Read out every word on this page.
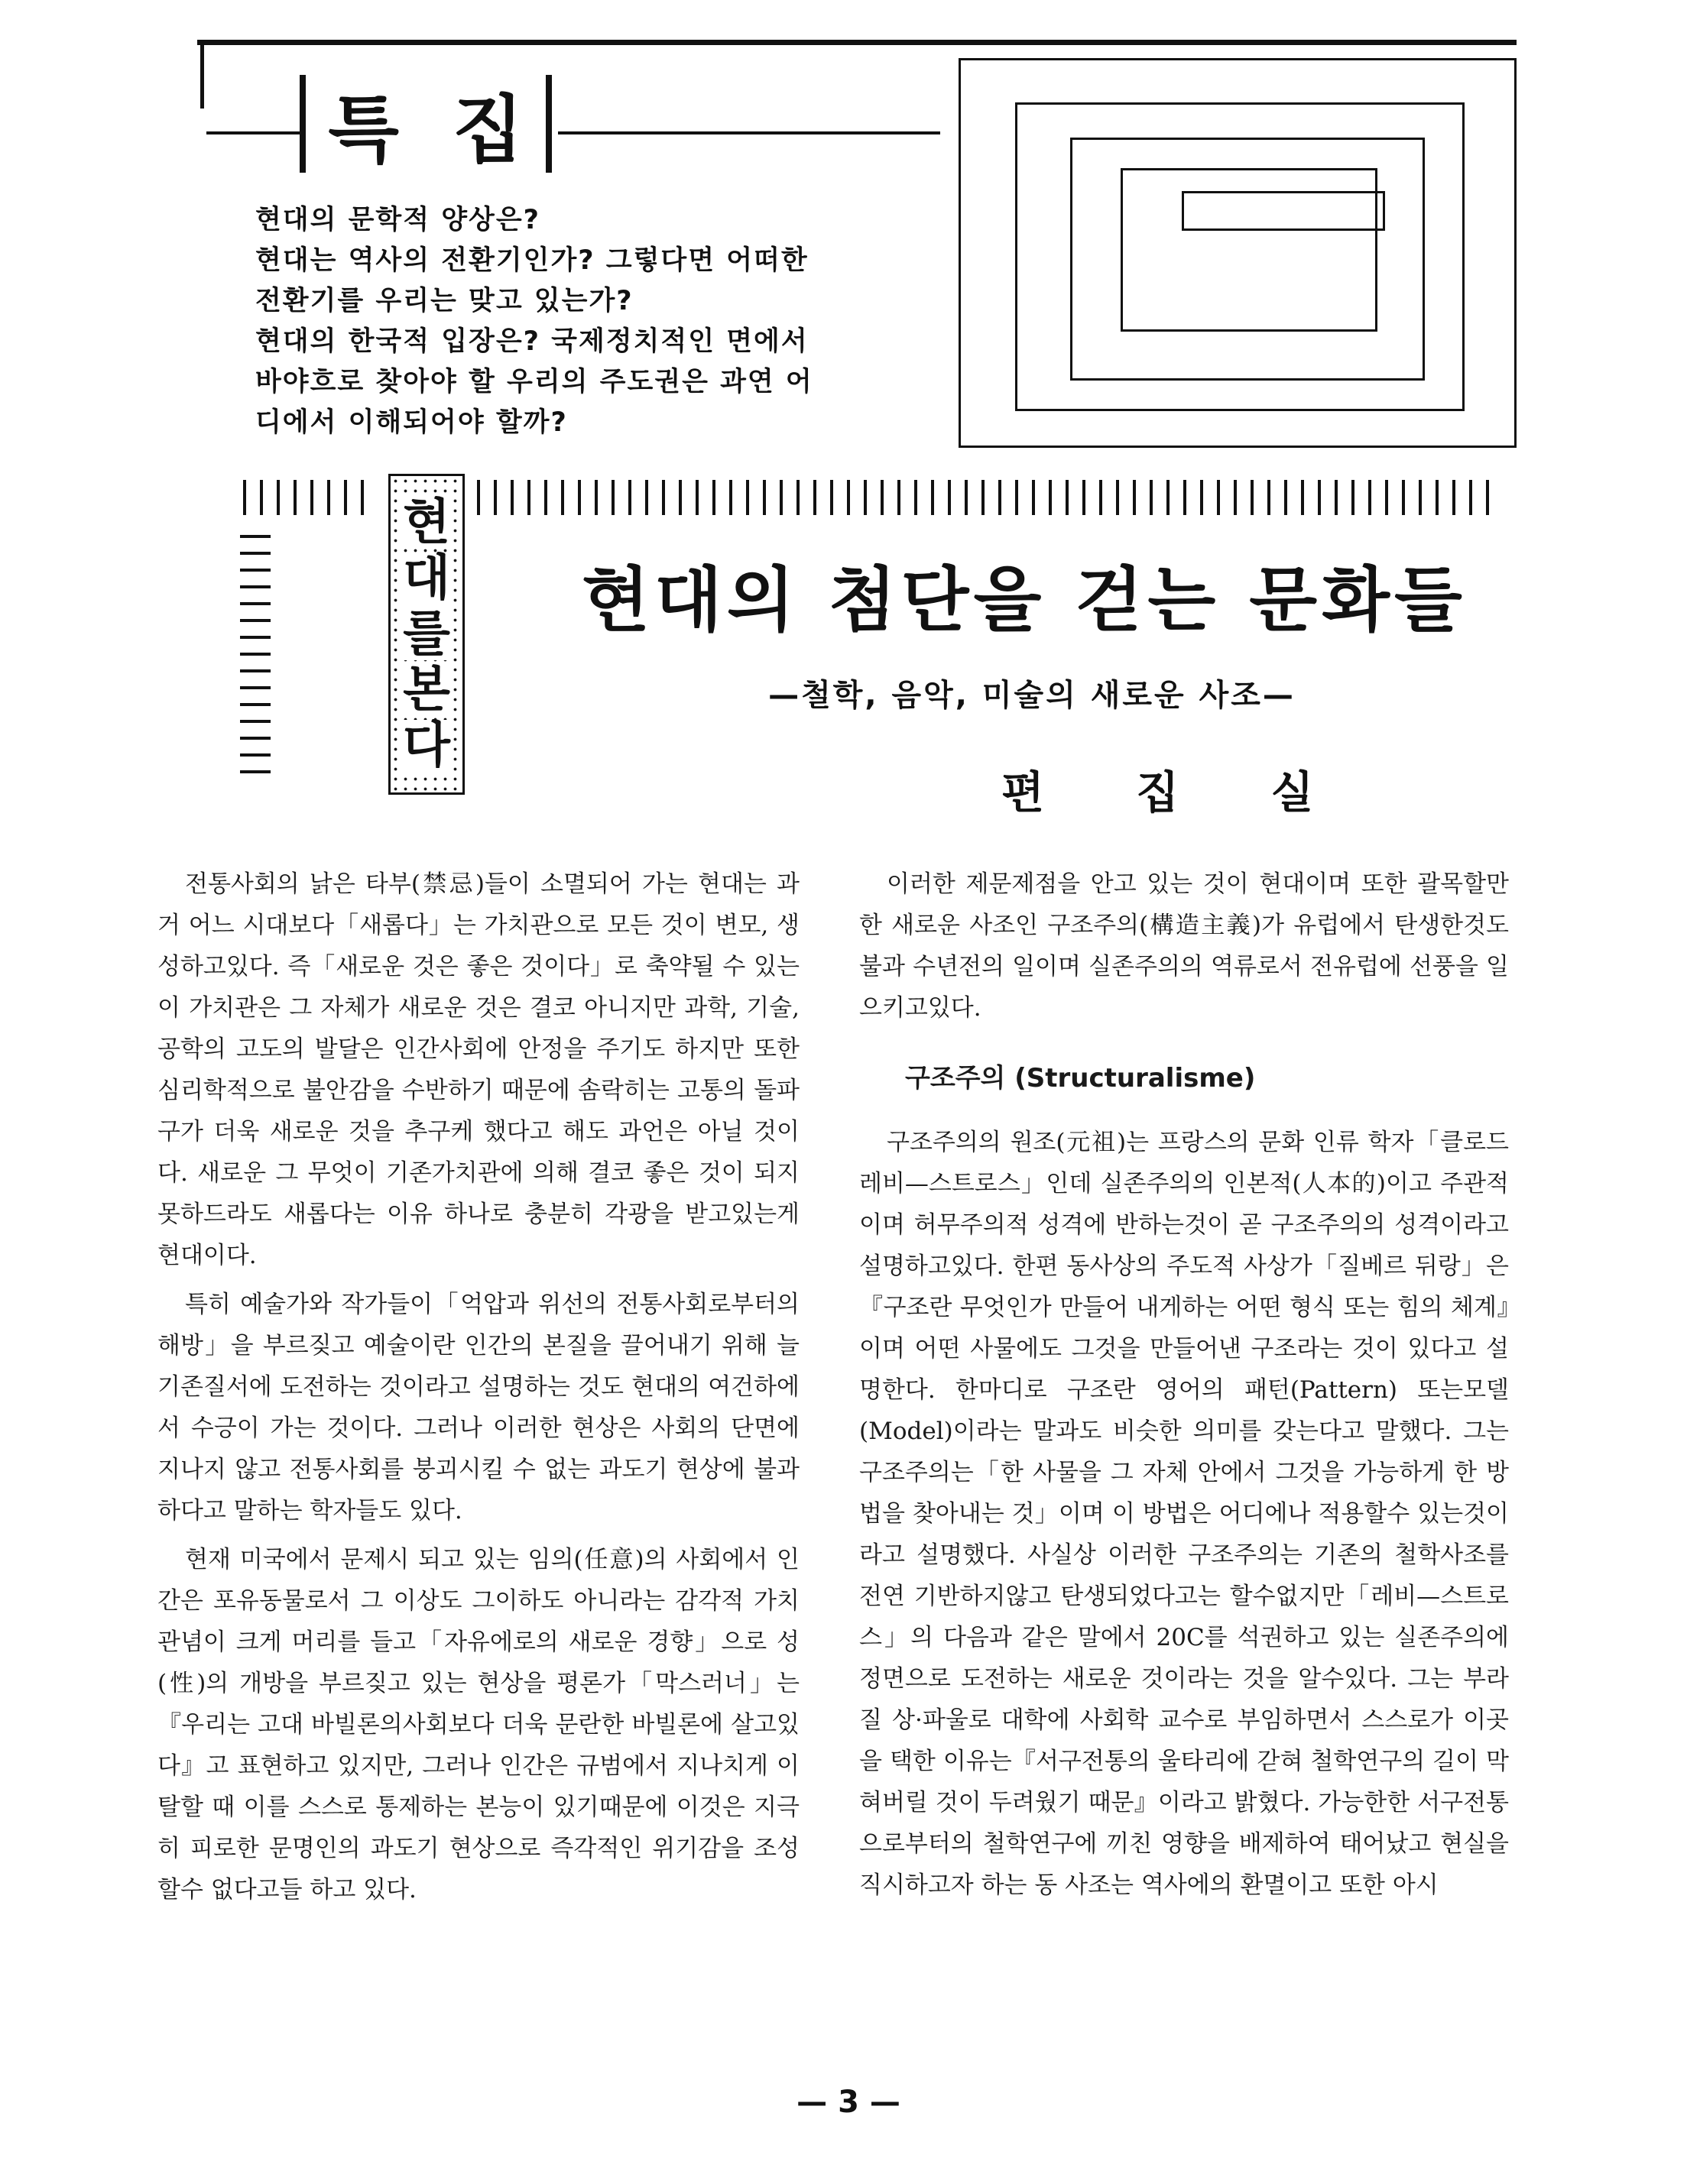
특집
현대의 문학적 양상은?
현대는 역사의 전환기인가? 그렇다면 어떠한
전환기를 우리는 맞고 있는가?
현대의 한국적 입장은? 국제정치적인 면에서
바야흐로 찾아야 할 우리의 주도권은 과연 어
디에서 이해되어야 할까?
현
대
를
본
다
현대의 첨단을 걷는 문화들
—철학, 음악, 미술의 새로운 사조—
편 집 실

전통사회의 낡은 타부(禁忌)들이 소멸되어 가는 현대는 과거 어느 시대보다「새롭다」는 가치관으로 모든 것이 변모, 생성하고있다. 즉「새로운 것은 좋은 것이다」로 축약될 수 있는 이 가치관은 그 자체가 새로운 것은 결코 아니지만 과학, 기술, 공학의 고도의 발달은 인간사회에 안정을 주기도 하지만 또한 심리학적으로 불안감을 수반하기 때문에 솜락히는 고통의 돌파구가 더욱 새로운 것을 추구케 했다고 해도 과언은 아닐 것이다. 새로운 그 무엇이 기존가치관에 의해 결코 좋은 것이 되지 못하드라도 새롭다는 이유 하나로 충분히 각광을 받고있는게 현대이다.

특히 예술가와 작가들이「억압과 위선의 전통사회로부터의 해방」을 부르짖고 예술이란 인간의 본질을 끌어내기 위해 늘 기존질서에 도전하는 것이라고 설명하는 것도 현대의 여건하에서 수긍이 가는 것이다. 그러나 이러한 현상은 사회의 단면에 지나지 않고 전통사회를 붕괴시킬 수 없는 과도기 현상에 불과하다고 말하는 학자들도 있다.

현재 미국에서 문제시 되고 있는 임의(任意)의 사회에서 인간은 포유동물로서 그 이상도 그이하도 아니라는 감각적 가치관념이 크게 머리를 들고「자유에로의 새로운 경향」으로 성(性)의 개방을 부르짖고 있는 현상을 평론가「막스러너」는『우리는 고대 바빌론의사회보다 더욱 문란한 바빌론에 살고있다』고 표현하고 있지만, 그러나 인간은 규범에서 지나치게 이탈할 때 이를 스스로 통제하는 본능이 있기때문에 이것은 지극히 피로한 문명인의 과도기 현상으로 즉각적인 위기감을 조성할수 없다고들 하고 있다.

이러한 제문제점을 안고 있는 것이 현대이며 또한 괄목할만한 새로운 사조인 구조주의(構造主義)가 유럽에서 탄생한것도 불과 수년전의 일이며 실존주의의 역류로서 전유럽에 선풍을 일으키고있다.

구조주의 (Structuralisme)

구조주의의 원조(元祖)는 프랑스의 문화 인류 학자「클로드 레비—스트로스」인데 실존주의의 인본적(人本的)이고 주관적이며 허무주의적 성격에 반하는것이 곧 구조주의의 성격이라고 설명하고있다. 한편 동사상의 주도적 사상가「질베르 뒤랑」은『구조란 무엇인가 만들어 내게하는 어떤 형식 또는 힘의 체계』이며 어떤 사물에도 그것을 만들어낸 구조라는 것이 있다고 설명한다. 한마디로 구조란 영어의 패턴(Pattern) 또는모델(Model)이라는 말과도 비슷한 의미를 갖는다고 말했다. 그는 구조주의는「한 사물을 그 자체 안에서 그것을 가능하게 한 방법을 찾아내는 것」이며 이 방법은 어디에나 적용할수 있는것이라고 설명했다. 사실상 이러한 구조주의는 기존의 철학사조를 전연 기반하지않고 탄생되었다고는 할수없지만「레비—스트로스」의 다음과 같은 말에서 20C를 석권하고 있는 실존주의에 정면으로 도전하는 새로운 것이라는 것을 알수있다. 그는 부라질 상·파울로 대학에 사회학 교수로 부임하면서 스스로가 이곳을 택한 이유는『서구전통의 울타리에 갇혀 철학연구의 길이 막혀버릴 것이 두려웠기 때문』이라고 밝혔다. 가능한한 서구전통으로부터의 철학연구에 끼친 영향을 배제하여 태어났고 현실을 직시하고자 하는 동 사조는 역사에의 환멸이고 또한 아시

— 3 —
